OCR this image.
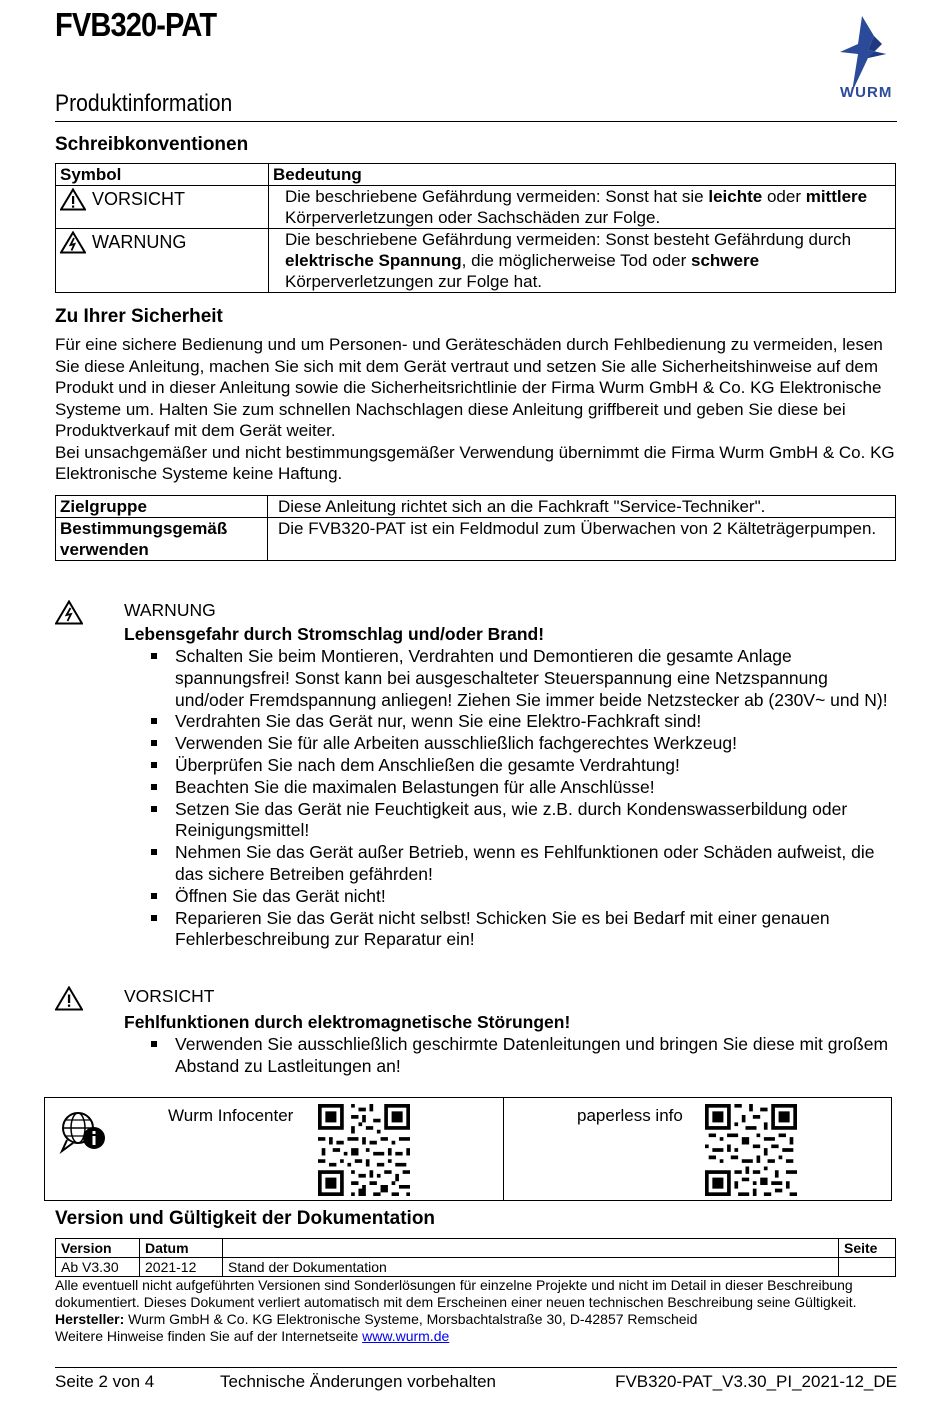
FVB320-PAT
Produktinformation	WURM
Schreibkonventionen
Symbol	Bedeutung

VORSICHT	Die beschriebene Gefährdung vermeiden: Sonst hat sie leichte oder mittlere Körperverletzungen oder Sachschäden zur Folge.

WARNUNG	Die beschriebene Gefährdung vermeiden: Sonst besteht Gefährdung durch elektrische Spannung, die möglicherweise Tod oder schwere Körperverletzungen zur Folge hat.
Zu Ihrer Sicherheit

Für eine sichere Bedienung und um Personen- und Geräteschäden durch Fehlbedienung zu vermeiden, lesen Sie diese Anleitung, machen Sie sich mit dem Gerät vertraut und setzen Sie alle Sicherheitshinweise auf dem Produkt und in dieser Anleitung sowie die Sicherheitsrichtlinie der Firma Wurm GmbH & Co. KG Elektronische Systeme um. Halten Sie zum schnellen Nachschlagen diese Anleitung griffbereit und geben Sie diese bei Produktverkauf mit dem Gerät weiter.

Bei unsachgemäßer und nicht bestimmungsgemäßer Verwendung übernimmt die Firma Wurm GmbH & Co. KG Elektronische Systeme keine Haftung.

Zielgruppe	Diese Anleitung richtet sich an die Fachkraft "Service-Techniker".
Bestimmungsgemäß verwenden	Die FVB320-PAT ist ein Feldmodul zum Überwachen von 2 Kälteträgerpumpen.
WARNUNG
Lebensgefahr durch Stromschlag und/oder Brand!
Schalten Sie beim Montieren, Verdrahten und Demontieren die gesamte Anlage spannungsfrei! Sonst kann bei ausgeschalteter Steuerspannung eine Netzspannung und/oder Fremdspannung anliegen! Ziehen Sie immer beide Netzstecker ab (230V~ und N)!
Verdrahten Sie das Gerät nur, wenn Sie eine Elektro-Fachkraft sind!
Verwenden Sie für alle Arbeiten ausschließlich fachgerechtes Werkzeug!
Überprüfen Sie nach dem Anschließen die gesamte Verdrahtung!
Beachten Sie die maximalen Belastungen für alle Anschlüsse!
Setzen Sie das Gerät nie Feuchtigkeit aus, wie z.B. durch Kondenswasserbildung oder Reinigungsmittel!
Nehmen Sie das Gerät außer Betrieb, wenn es Fehlfunktionen oder Schäden aufweist, die das sichere Betreiben gefährden!
Öffnen Sie das Gerät nicht!
Reparieren Sie das Gerät nicht selbst! Schicken Sie es bei Bedarf mit einer genauen Fehlerbeschreibung zur Reparatur ein!
VORSICHT
Fehlfunktionen durch elektromagnetische Störungen!
Verwenden Sie ausschließlich geschirmte Datenleitungen und bringen Sie diese mit großem Abstand zu Lastleitungen an!
Wurm Infocenter	paperless info
Version und Gültigkeit der Dokumentation
Version	Datum		Seite
Ab V3.30	2021-12	Stand der Dokumentation	

Alle eventuell nicht aufgeführten Versionen sind Sonderlösungen für einzelne Projekte und nicht im Detail in dieser Beschreibung dokumentiert. Dieses Dokument verliert automatisch mit dem Erscheinen einer neuen technischen Beschreibung seine Gültigkeit.

Hersteller: Wurm GmbH & Co. KG Elektronische Systeme, Morsbachtalstraße 30, D-42857 Remscheid

Weitere Hinweise finden Sie auf der Internetseite www.wurm.de

Seite 2 von 4	Technische Änderungen vorbehalten	FVB320-PAT_V3.30_PI_2021-12_DE
